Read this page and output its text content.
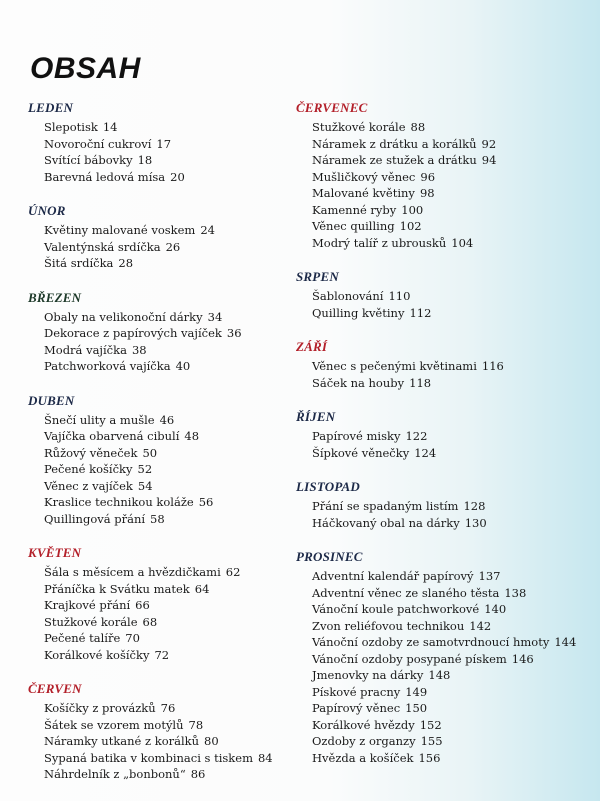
OBSAH
LEDEN
Slepotisk 14
Novoroční cukroví 17
Svítící bábovky 18
Barevná ledová mísa 20
ÚNOR
Květiny malované voskem 24
Valentýnská srdíčka 26
Šitá srdíčka 28
BŘEZEN
Obaly na velikonoční dárky 34
Dekorace z papírových vajíček 36
Modrá vajíčka 38
Patchworková vajíčka 40
DUBEN
Šnečí ulity a mušle 46
Vajíčka obarvená cibulí 48
Růžový věneček 50
Pečené košíčky 52
Věnec z vajíček 54
Kraslice technikou koláže 56
Quillingová přání 58
KVĚTEN
Šála s měsícem a hvězdičkami 62
Přáníčka k Svátku matek 64
Krajkové přání 66
Stužkové korále 68
Pečené talíře 70
Korálkové košíčky 72
ČERVEN
Košíčky z provázků 76
Šátek se vzorem motýlů 78
Náramky utkané z korálků 80
Sypaná batika v kombinaci s tiskem 84
Náhrdelník z „bonbonů“ 86
ČERVENEC
Stužkové korále 88
Náramek z drátku a korálků 92
Náramek ze stužek a drátku 94
Mušličkový věnec 96
Malované květiny 98
Kamenné ryby 100
Věnec quilling 102
Modrý talíř z ubrousků 104
SRPEN
Šablonování 110
Quilling květiny 112
ZÁŘÍ
Věnec s pečenými květinami 116
Sáček na houby 118
ŘÍJEN
Papírové misky 122
Šípkové věnečky 124
LISTOPAD
Přání se spadaným listím 128
Háčkovaný obal na dárky 130
PROSINEC
Adventní kalendář papírový 137
Adventní věnec ze slaného těsta 138
Vánoční koule patchworkové 140
Zvon reliéfovou technikou 142
Vánoční ozdoby ze samotvrdnoucí hmoty 144
Vánoční ozdoby posypané pískem 146
Jmenovky na dárky 148
Pískové pracny 149
Papírový věnec 150
Korálkové hvězdy 152
Ozdoby z organzy 155
Hvězda a košíček 156
